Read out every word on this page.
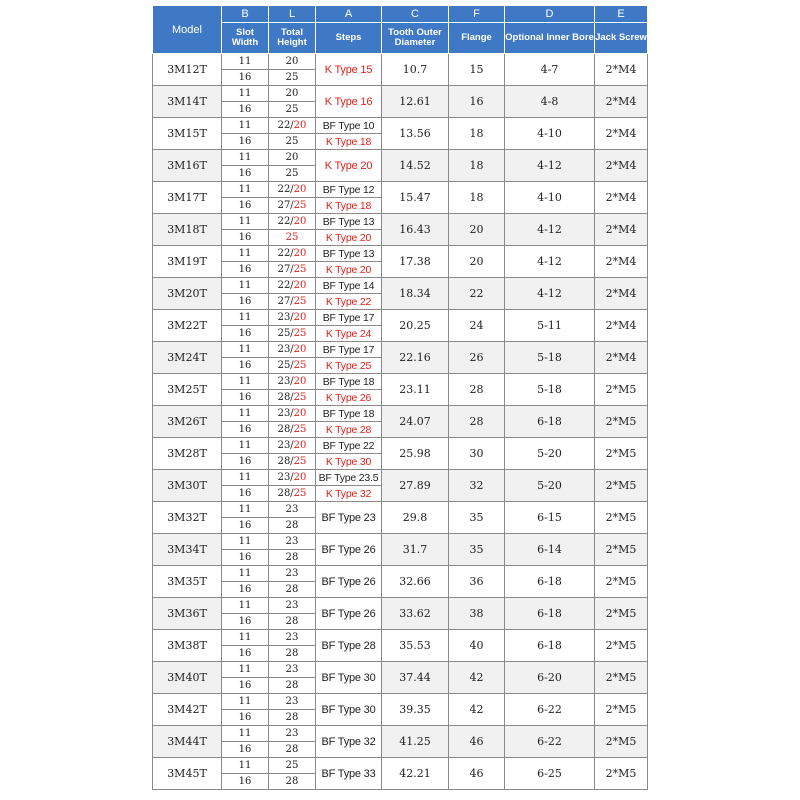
Model	B	L	A	C	F	D	E
	Slot Width	Total Height	Steps	Tooth Outer Diameter	Flange	Optional Inner Bore	Jack Screw
3M12T	11	20	K Type 15	10.7	15	4-7	2*M4
	16	25					
3M14T	11	20	K Type 16	12.61	16	4-8	2*M4
	16	25					
3M15T	11	22/20	BF Type 10	13.56	18	4-10	2*M4
	16	25	K Type 18				
3M16T	11	20	K Type 20	14.52	18	4-12	2*M4
	16	25					
3M17T	11	22/20	BF Type 12	15.47	18	4-10	2*M4
	16	27/25	K Type 18				
3M18T	11	22/20	BF Type 13	16.43	20	4-12	2*M4
	16	25	K Type 20				
3M19T	11	22/20	BF Type 13	17.38	20	4-12	2*M4
	16	27/25	K Type 20				
3M20T	11	22/20	BF Type 14	18.34	22	4-12	2*M4
	16	27/25	K Type 22				
3M22T	11	23/20	BF Type 17	20.25	24	5-11	2*M4
	16	25/25	K Type 24				
3M24T	11	23/20	BF Type 17	22.16	26	5-18	2*M4
	16	25/25	K Type 25				
3M25T	11	23/20	BF Type 18	23.11	28	5-18	2*M5
	16	28/25	K Type 26				
3M26T	11	23/20	BF Type 18	24.07	28	6-18	2*M5
	16	28/25	K Type 28				
3M28T	11	23/20	BF Type 22	25.98	30	5-20	2*M5
	16	28/25	K Type 30				
3M30T	11	23/20	BF Type 23.5	27.89	32	5-20	2*M5
	16	28/25	K Type 32				
3M32T	11	23	BF Type 23	29.8	35	6-15	2*M5
	16	28					
3M34T	11	23	BF Type 26	31.7	35	6-14	2*M5
	16	28					
3M35T	11	23	BF Type 26	32.66	36	6-18	2*M5
	16	28					
3M36T	11	23	BF Type 26	33.62	38	6-18	2*M5
	16	28					
3M38T	11	23	BF Type 28	35.53	40	6-18	2*M5
	16	28					
3M40T	11	23	BF Type 30	37.44	42	6-20	2*M5
	16	28					
3M42T	11	23	BF Type 30	39.35	42	6-22	2*M5
	16	28					
3M44T	11	23	BF Type 32	41.25	46	6-22	2*M5
	16	28					
3M45T	11	25	BF Type 33	42.21	46	6-25	2*M5
	16	28					
